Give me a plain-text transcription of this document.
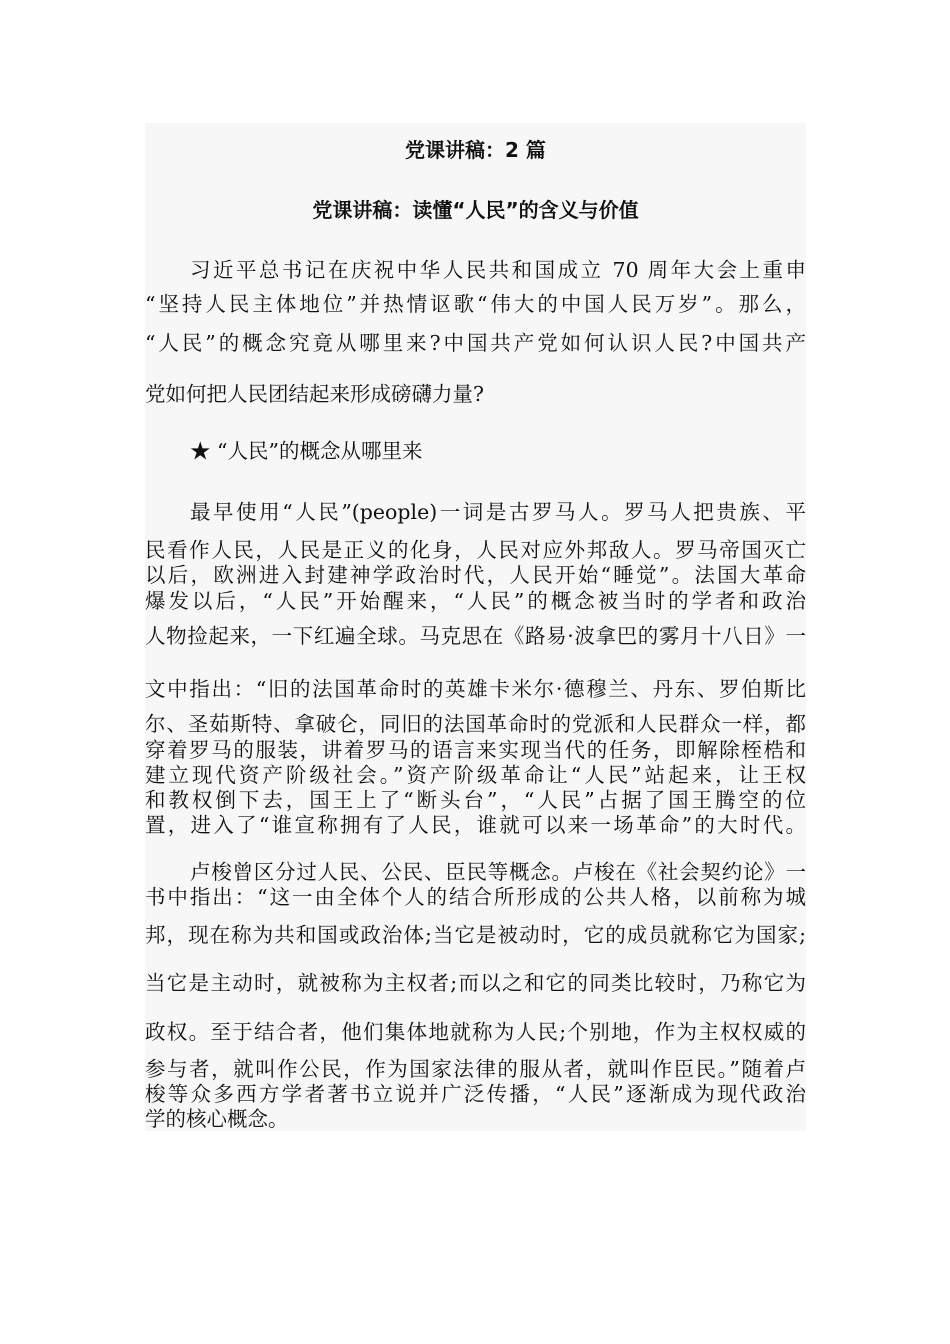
党课讲稿：2 篇
党课讲稿：读懂“人民”的含义与价值
习近平总书记在庆祝中华人民共和国成立 70 周年大会上重申
“坚持人民主体地位”并热情讴歌“伟大的中国人民万岁”。那么，
“人民”的概念究竟从哪里来?中国共产党如何认识人民?中国共产
党如何把人民团结起来形成磅礴力量?
★ “人民”的概念从哪里来
最早使用“人民”(people)一词是古罗马人。罗马人把贵族、平
民看作人民，人民是正义的化身，人民对应外邦敌人。罗马帝国灭亡
以后，欧洲进入封建神学政治时代，人民开始“睡觉”。法国大革命
爆发以后，“人民”开始醒来，“人民”的概念被当时的学者和政治
人物捡起来，一下红遍全球。马克思在《路易·波拿巴的雾月十八日》一
文中指出：“旧的法国革命时的英雄卡米尔·德穆兰、丹东、罗伯斯比
尔、圣茹斯特、拿破仑，同旧的法国革命时的党派和人民群众一样，都
穿着罗马的服装，讲着罗马的语言来实现当代的任务，即解除桎梏和
建立现代资产阶级社会。”资产阶级革命让“人民”站起来，让王权
和教权倒下去，国王上了“断头台”，“人民”占据了国王腾空的位
置，进入了“谁宣称拥有了人民，谁就可以来一场革命”的大时代。
卢梭曾区分过人民、公民、臣民等概念。卢梭在《社会契约论》一
书中指出：“这一由全体个人的结合所形成的公共人格，以前称为城
邦，现在称为共和国或政治体;当它是被动时，它的成员就称它为国家;
当它是主动时，就被称为主权者;而以之和它的同类比较时，乃称它为
政权。至于结合者，他们集体地就称为人民;个别地，作为主权权威的
参与者，就叫作公民，作为国家法律的服从者，就叫作臣民。”随着卢
梭等众多西方学者著书立说并广泛传播，“人民”逐渐成为现代政治
学的核心概念。
